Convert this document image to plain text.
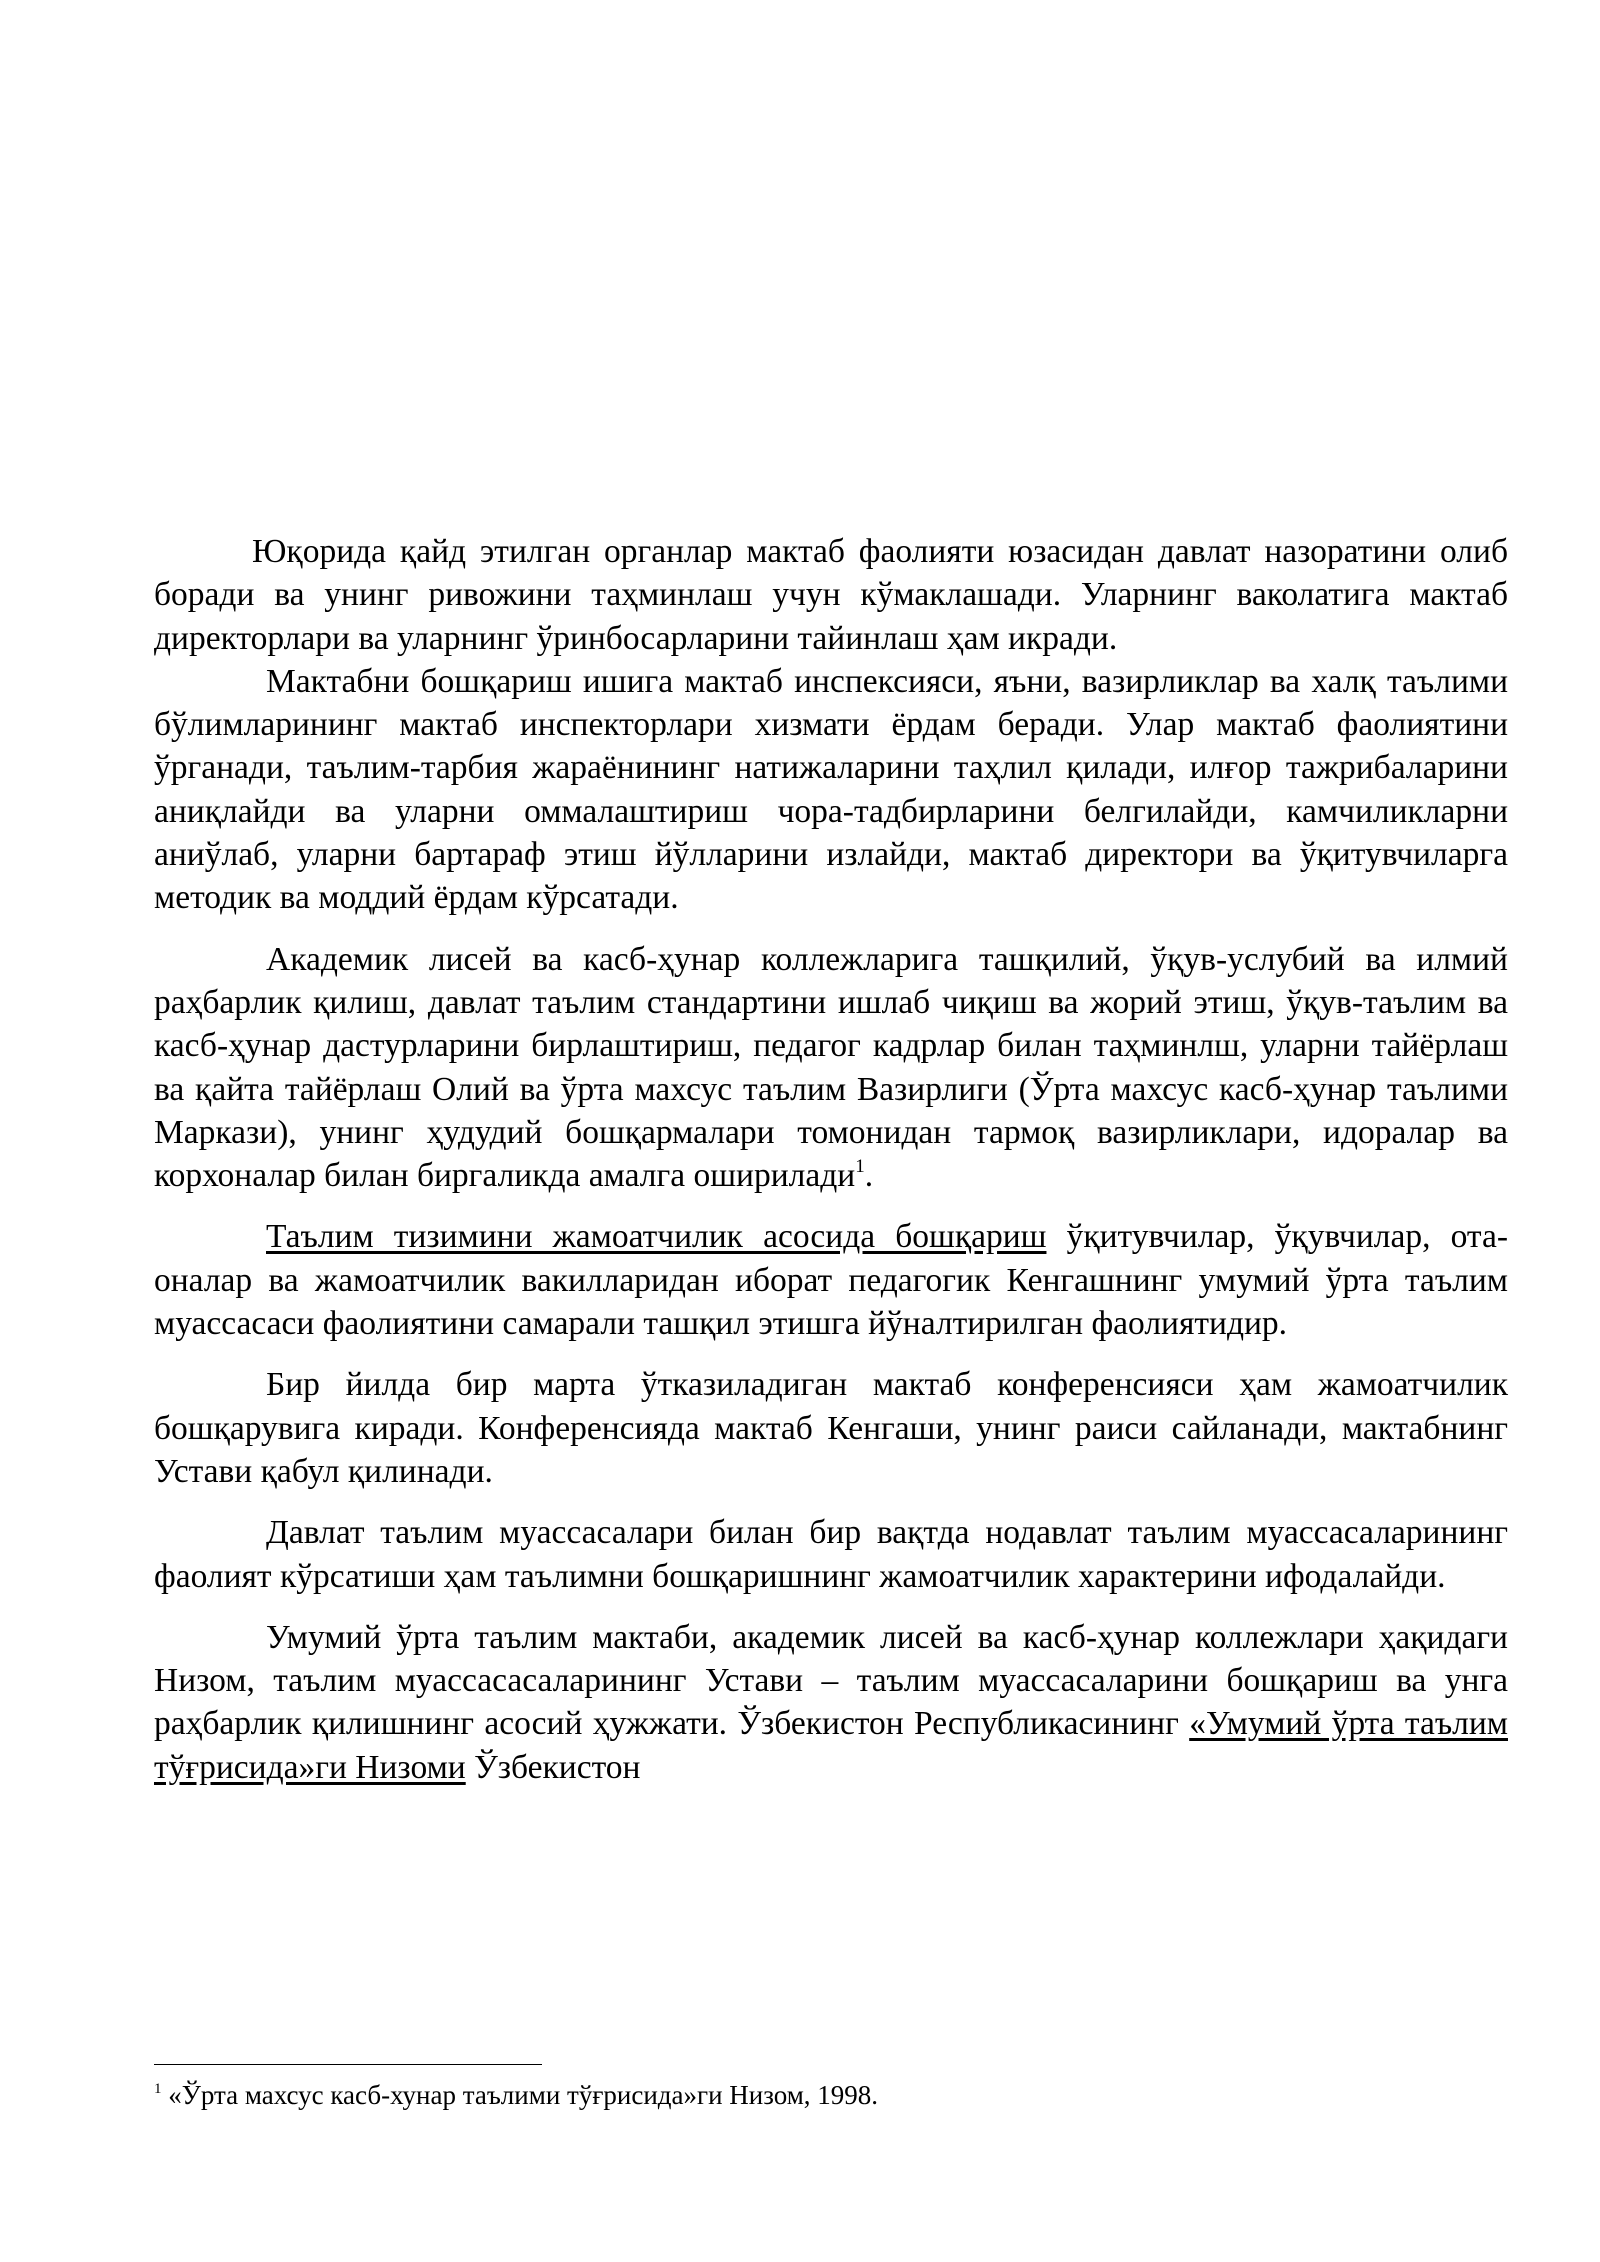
Юқорида қайд этилган органлар мактаб фаолияти юзасидан давлат назоратини олиб боради ва унинг ривожини таҳминлаш учун кўмаклашади. Уларнинг ваколатига мактаб директорлари ва уларнинг ўринбосарларини тайинлаш ҳам икради.

Мактабни бошқариш ишига мактаб инспексияси, яъни, вазирликлар ва халқ таълими бўлимларининг мактаб инспекторлари хизмати ёрдам беради. Улар мактаб фаолиятини ўрганади, таълим-тарбия жараёнининг натижаларини таҳлил қилади, илғор тажрибаларини аниқлайди ва уларни оммалаштириш чора-тадбирларини белгилайди, камчиликларни аниўлаб, уларни бартараф этиш йўлларини излайди, мактаб директори ва ўқитувчиларга методик ва моддий ёрдам кўрсатади.

Академик лисей ва касб-ҳунар коллежларига ташқилий, ўқув-услубий ва илмий раҳбарлик қилиш, давлат таълим стандартини ишлаб чиқиш ва жорий этиш, ўқув-таълим ва касб-ҳунар дастурларини бирлаштириш, педагог кадрлар билан таҳминлш, уларни тайёрлаш ва қайта тайёрлаш Олий ва ўрта махсус таълим Вазирлиги (Ўрта махсус касб-ҳунар таълими Маркази), унинг ҳудудий бошқармалари томонидан тармоқ вазирликлари, идоралар ва корхоналар билан биргаликда амалга оширилади$^1$.

Таълим тизимини жамоатчилик асосида бошқариш ўқитувчилар, ўқувчилар, ота-оналар ва жамоатчилик вакилларидан иборат педагогик Кенгашнинг умумий ўрта таълим муассасаси фаолиятини самарали ташқил этишга йўналтирилган фаолиятидир.

Бир йилда бир марта ўтказиладиган мактаб конференсияси ҳам жамоатчилик бошқарувига киради. Конференсияда мактаб Кенгаши, унинг раиси сайланади, мактабнинг Устави қабул қилинади.

Давлат таълим муассасалари билан бир вақтда нодавлат таълим муассасаларининг фаолият кўрсатиши ҳам таълимни бошқаришнинг жамоатчилик характерини ифодалайди.

Умумий ўрта таълим мактаби, академик лисей ва касб-ҳунар коллежлари ҳақидаги Низом, таълим муассасасаларининг Устави – таълим муассасаларини бошқариш ва унга раҳбарлик қилишнинг асосий ҳужжати. Ўзбекистон Республикасининг «Умумий ўрта таълим тўғрисида»ги Низоми Ўзбекистон

$^1$ «Ўрта махсус касб-хунар таълими тўғрисида»ги Низом, 1998.
